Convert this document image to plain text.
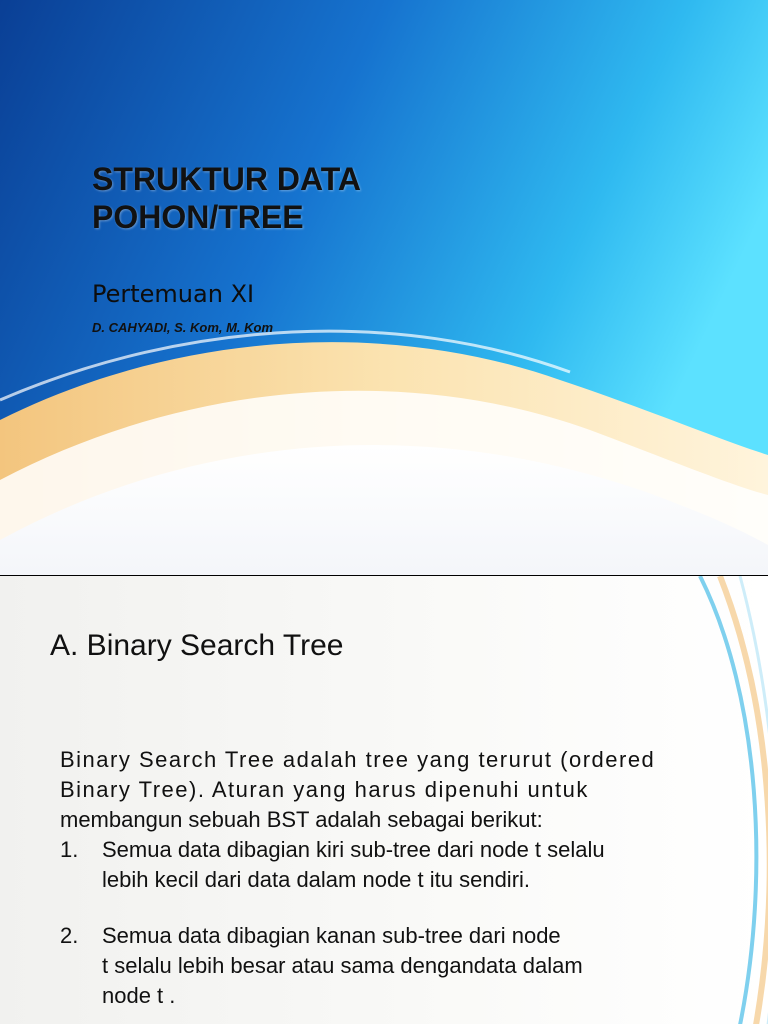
STRUKTUR DATA
POHON/TREE
Pertemuan XI
D. CAHYADI, S. Kom, M. Kom
A. Binary Search Tree

Binary Search Tree adalah tree yang terurut (ordered

Binary Tree). Aturan yang harus dipenuhi untuk

membangun sebuah BST adalah sebagai berikut:

1. Semua data dibagian kiri sub-tree dari node t selalu
lebih kecil dari data dalam node t itu sendiri.
2. Semua data dibagian kanan sub-tree dari node
t selalu lebih besar atau sama dengandata dalam
node t .
